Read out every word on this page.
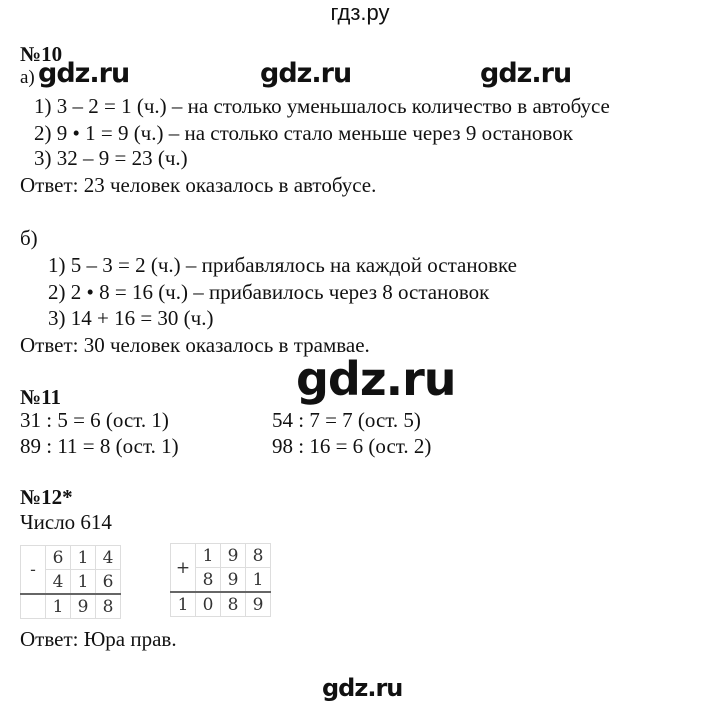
гдз.ру
№10
а) gdz.ru	gdz.ru	gdz.ru
1) 3 – 2 = 1 (ч.) – на столько уменьшалось количество в автобусе
2) 9 • 1 = 9 (ч.) – на столько стало меньше через 9 остановок
3) 32 – 9 = 23 (ч.)
Ответ: 23 человек оказалось в автобусе.
б)
1) 5 – 3 = 2 (ч.) – прибавлялось на каждой остановке
2) 2 • 8 = 16 (ч.) – прибавилось через 8 остановок
3) 14 + 16 = 30 (ч.)
Ответ: 30 человек оказалось в трамвае.
gdz.ru
№11
31 : 5 = 6 (ост. 1)	54 : 7 = 7 (ост. 5)
89 : 11 = 8 (ост. 1)	98 : 16 = 6 (ост. 2)
№12*
Число 614
-	6	1	4
	4	1	6
	1	9	8
+	1	9	8
	8	9	1
1	0	8	9
Ответ: Юра прав.
gdz.ru
